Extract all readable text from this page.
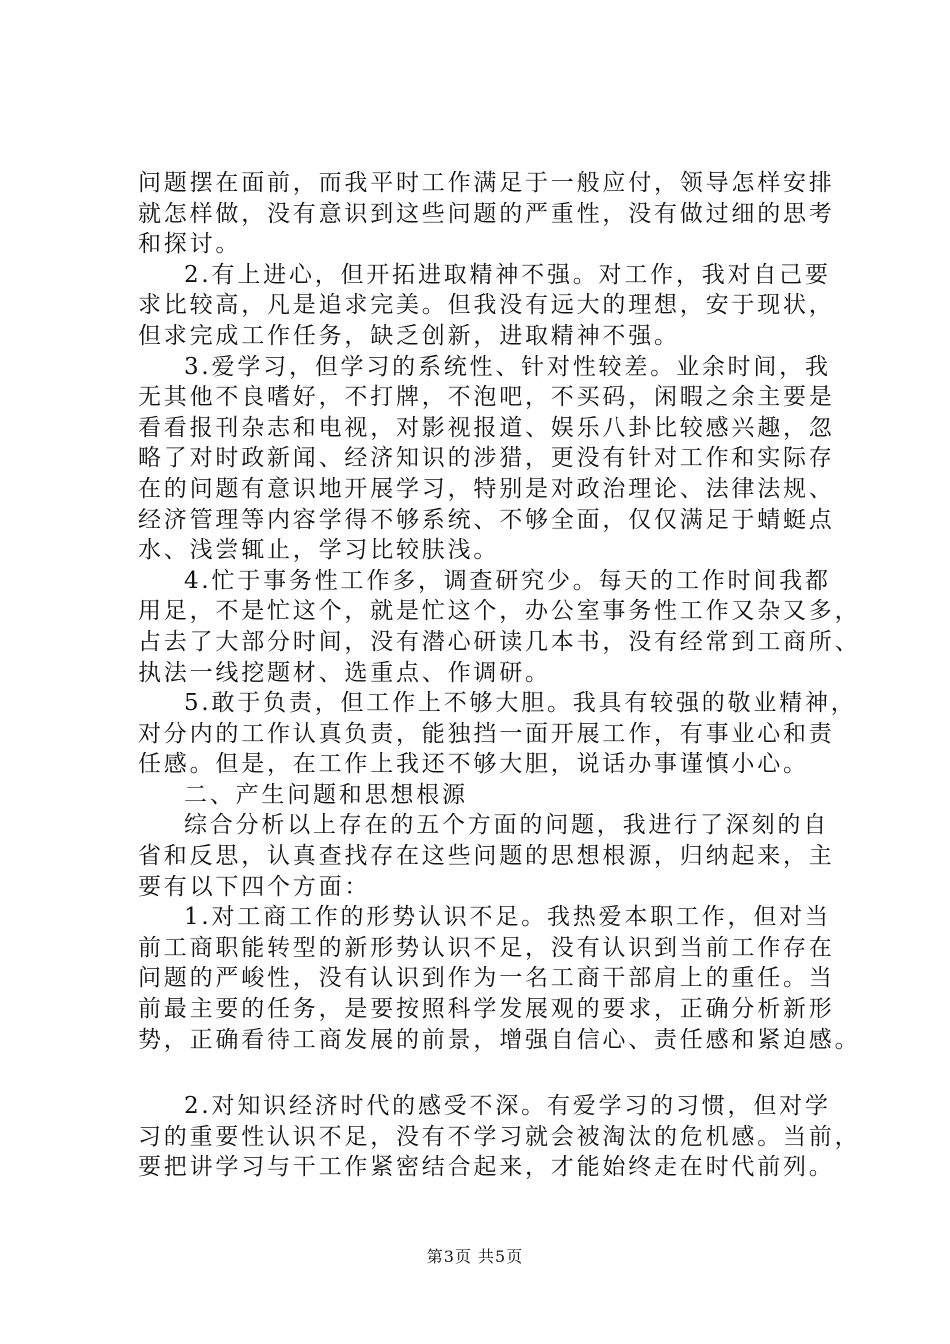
问题摆在面前，而我平时工作满足于一般应付，领导怎样安排
就怎样做，没有意识到这些问题的严重性，没有做过细的思考
和探讨。
2.有上进心，但开拓进取精神不强。对工作，我对自己要
求比较高，凡是追求完美。但我没有远大的理想，安于现状，
但求完成工作任务，缺乏创新，进取精神不强。
3.爱学习，但学习的系统性、针对性较差。业余时间，我
无其他不良嗜好，不打牌，不泡吧，不买码，闲暇之余主要是
看看报刊杂志和电视，对影视报道、娱乐八卦比较感兴趣，忽
略了对时政新闻、经济知识的涉猎，更没有针对工作和实际存
在的问题有意识地开展学习，特别是对政治理论、法律法规、
经济管理等内容学得不够系统、不够全面，仅仅满足于蜻蜓点
水、浅尝辄止，学习比较肤浅。
4.忙于事务性工作多，调查研究少。每天的工作时间我都
用足，不是忙这个，就是忙这个，办公室事务性工作又杂又多，
占去了大部分时间，没有潜心研读几本书，没有经常到工商所、
执法一线挖题材、选重点、作调研。
5.敢于负责，但工作上不够大胆。我具有较强的敬业精神，
对分内的工作认真负责，能独挡一面开展工作，有事业心和责
任感。但是，在工作上我还不够大胆，说话办事谨慎小心。
二、产生问题和思想根源
综合分析以上存在的五个方面的问题，我进行了深刻的自
省和反思，认真查找存在这些问题的思想根源，归纳起来，主
要有以下四个方面：
1.对工商工作的形势认识不足。我热爱本职工作，但对当
前工商职能转型的新形势认识不足，没有认识到当前工作存在
问题的严峻性，没有认识到作为一名工商干部肩上的重任。当
前最主要的任务，是要按照科学发展观的要求，正确分析新形
势，正确看待工商发展的前景，增强自信心、责任感和紧迫感。
2.对知识经济时代的感受不深。有爱学习的习惯，但对学
习的重要性认识不足，没有不学习就会被淘汰的危机感。当前，
要把讲学习与干工作紧密结合起来，才能始终走在时代前列。
第3页 共5页
